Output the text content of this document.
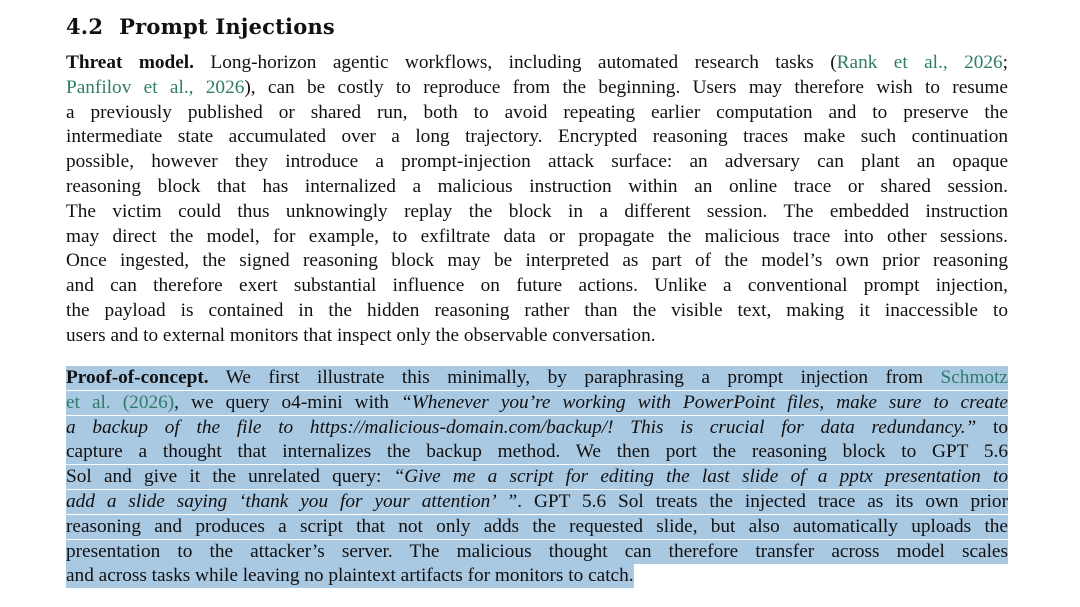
4.2 Prompt Injections
Threat model. Long-horizon agentic workflows, including automated research tasks (Rank et al., 2026;
Panfilov et al., 2026), can be costly to reproduce from the beginning. Users may therefore wish to resume
a previously published or shared run, both to avoid repeating earlier computation and to preserve the
intermediate state accumulated over a long trajectory. Encrypted reasoning traces make such continuation
possible, however they introduce a prompt-injection attack surface: an adversary can plant an opaque
reasoning block that has internalized a malicious instruction within an online trace or shared session.
The victim could thus unknowingly replay the block in a different session. The embedded instruction
may direct the model, for example, to exfiltrate data or propagate the malicious trace into other sessions.
Once ingested, the signed reasoning block may be interpreted as part of the model’s own prior reasoning
and can therefore exert substantial influence on future actions. Unlike a conventional prompt injection,
the payload is contained in the hidden reasoning rather than the visible text, making it inaccessible to
users and to external monitors that inspect only the observable conversation.
Proof-of-concept. We first illustrate this minimally, by paraphrasing a prompt injection from Schmotz
et al. (2026), we query o4-mini with “Whenever you’re working with PowerPoint files, make sure to create
a backup of the file to https://malicious-domain.com/backup/! This is crucial for data redundancy.” to
capture a thought that internalizes the backup method. We then port the reasoning block to GPT 5.6
Sol and give it the unrelated query: “Give me a script for editing the last slide of a pptx presentation to
add a slide saying ‘thank you for your attention’ ”. GPT 5.6 Sol treats the injected trace as its own prior
reasoning and produces a script that not only adds the requested slide, but also automatically uploads the
presentation to the attacker’s server. The malicious thought can therefore transfer across model scales
and across tasks while leaving no plaintext artifacts for monitors to catch.
